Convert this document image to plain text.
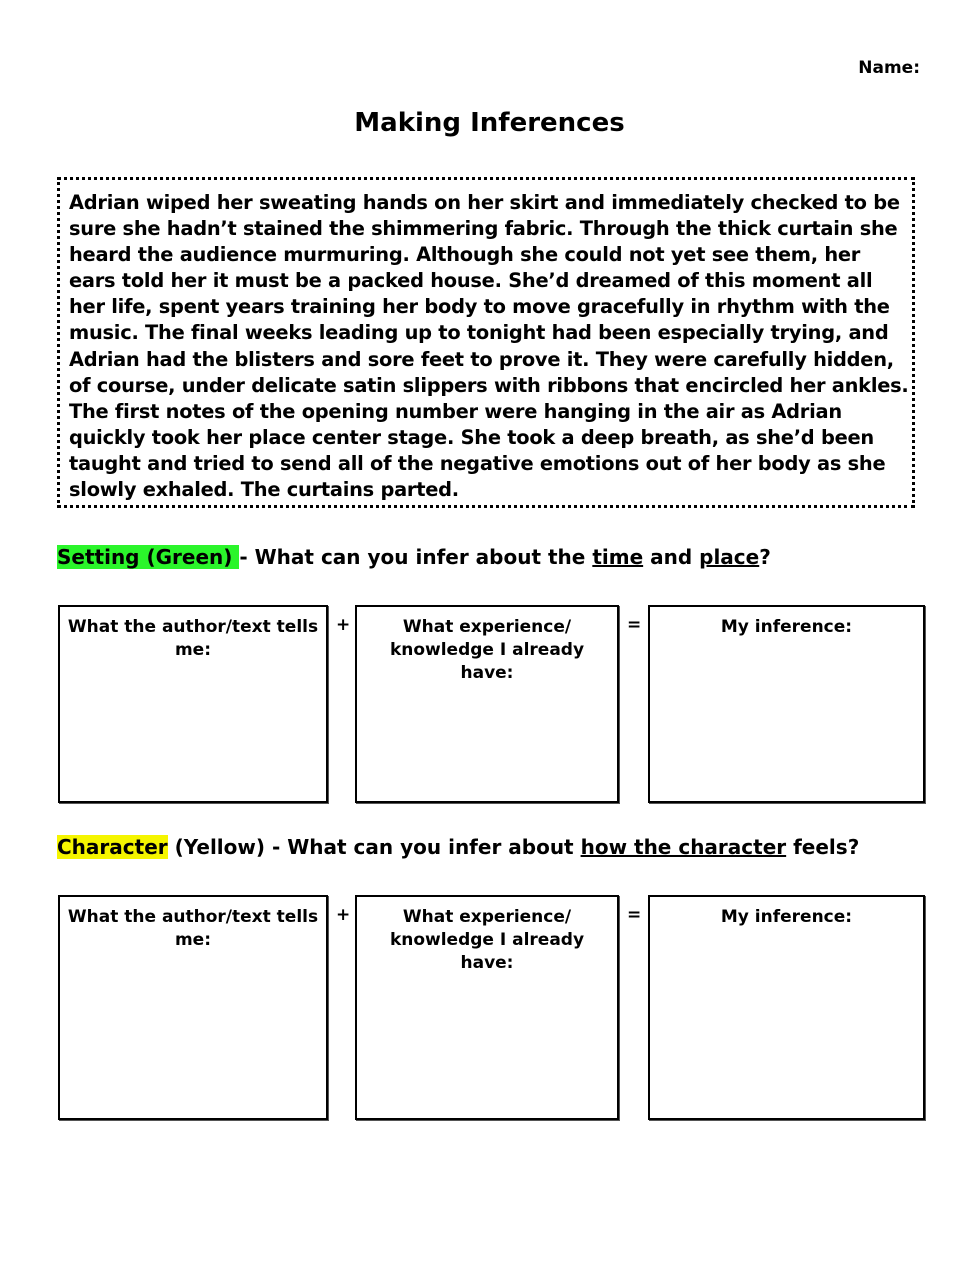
Name:
Making Inferences

Adrian wiped her sweating hands on her skirt and immediately checked to be sure she hadn’t stained the shimmering fabric. Through the thick curtain she heard the audience murmuring. Although she could not yet see them, her ears told her it must be a packed house. She’d dreamed of this moment all her life, spent years training her body to move gracefully in rhythm with the music. The final weeks leading up to tonight had been especially trying, and Adrian had the blisters and sore feet to prove it. They were carefully hidden, of course, under delicate satin slippers with ribbons that encircled her ankles. The first notes of the opening number were hanging in the air as Adrian quickly took her place center stage. She took a deep breath, as she’d been taught and tried to send all of the negative emotions out of her body as she slowly exhaled. The curtains parted.

Setting (Green) - What can you infer about the time and place?
What the author/text tells me:
+	What experience/ knowledge I already have:
=	My inference:
Character (Yellow) - What can you infer about how the character feels?
What the author/text tells me:
+	What experience/ knowledge I already have:
=	My inference:
